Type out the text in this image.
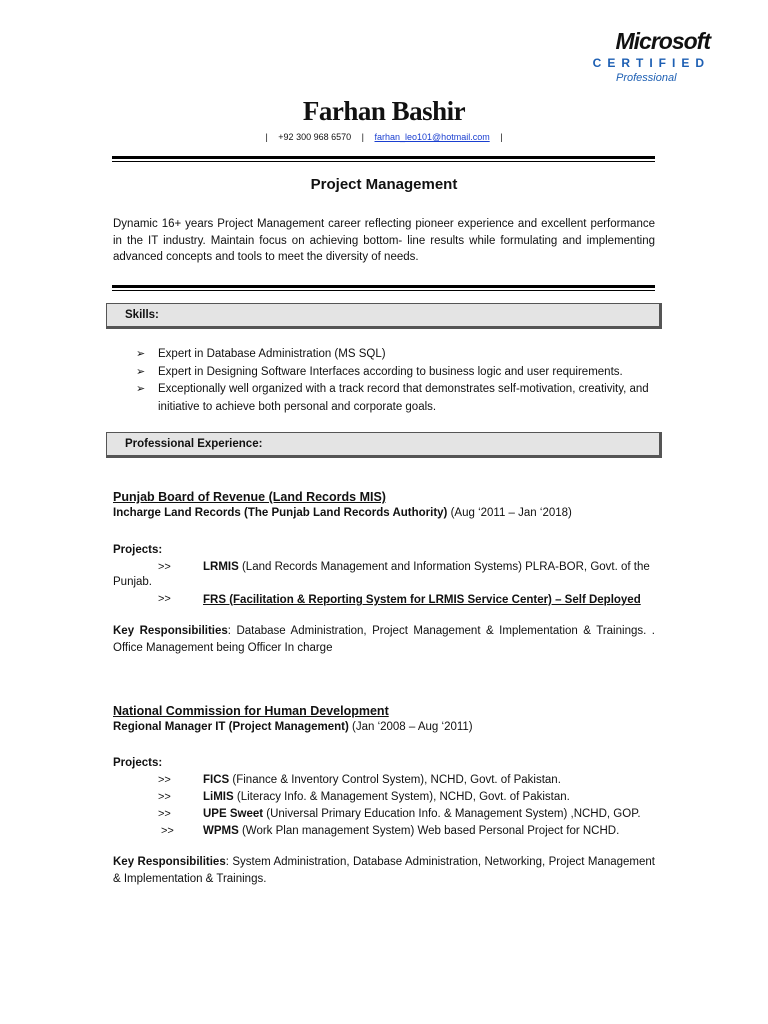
Microsoft
CERTIFIED
Professional
Farhan Bashir
| +92 300 968 6570 | farhan_leo101@hotmail.com |
Project Management
Dynamic 16+ years Project Management career reflecting pioneer experience and excellent performance in the IT industry. Maintain focus on achieving bottom- line results while formulating and implementing advanced concepts and tools to meet the diversity of needs.
Skills:
➢ Expert in Database Administration (MS SQL)
➢ Expert in Designing Software Interfaces according to business logic and user requirements.
➢ Exceptionally well organized with a track record that demonstrates self-motivation, creativity, and initiative to achieve both personal and corporate goals.
Professional Experience:
Punjab Board of Revenue (Land Records MIS)
Incharge Land Records (The Punjab Land Records Authority) (Aug ‘2011 – Jan ‘2018)
Projects:
>>	LRMIS (Land Records Management and Information Systems) PLRA-BOR, Govt. of the
Punjab.
>>	FRS (Facilitation & Reporting System for LRMIS Service Center) – Self Deployed
Key Responsibilities: Database Administration, Project Management & Implementation & Trainings. . Office Management being Officer In charge
National Commission for Human Development
Regional Manager IT (Project Management) (Jan ‘2008 – Aug ‘2011)
Projects:
>>	FICS (Finance & Inventory Control System), NCHD, Govt. of Pakistan.
>>	LiMIS (Literacy Info. & Management System), NCHD, Govt. of Pakistan.
>>	UPE Sweet (Universal Primary Education Info. & Management System) ,NCHD, GOP.
>>	WPMS (Work Plan management System) Web based Personal Project for NCHD.
Key Responsibilities: System Administration, Database Administration, Networking, Project Management & Implementation & Trainings.
